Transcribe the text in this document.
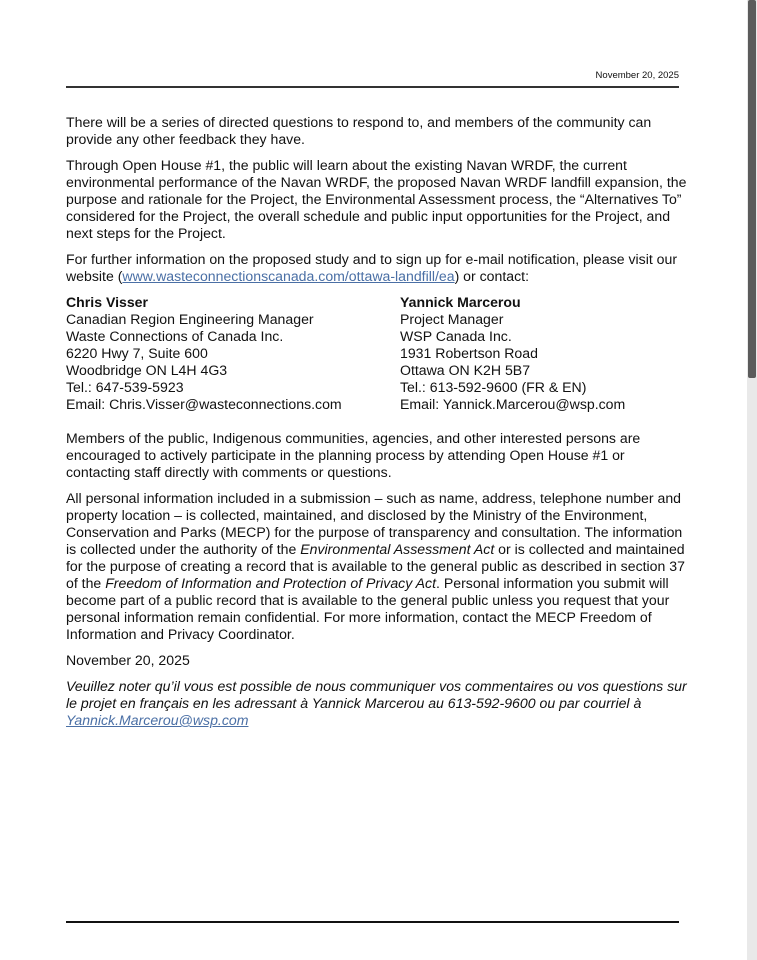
November 20, 2025

There will be a series of directed questions to respond to, and members of the community can provide any other feedback they have.

Through Open House #1, the public will learn about the existing Navan WRDF, the current environmental performance of the Navan WRDF, the proposed Navan WRDF landfill expansion, the purpose and rationale for the Project, the Environmental Assessment process, the “Alternatives To” considered for the Project, the overall schedule and public input opportunities for the Project, and next steps for the Project.

For further information on the proposed study and to sign up for e-mail notification, please visit our website (www.wasteconnectionscanada.com/ottawa-landfill/ea) or contact:

Chris Visser
Canadian Region Engineering Manager
Waste Connections of Canada Inc.
6220 Hwy 7, Suite 600
Woodbridge ON L4H 4G3
Tel.: 647-539-5923
Email: Chris.Visser@wasteconnections.com
Yannick Marcerou
Project Manager
WSP Canada Inc.
1931 Robertson Road
Ottawa ON K2H 5B7
Tel.: 613-592-9600 (FR & EN)
Email: Yannick.Marcerou@wsp.com

Members of the public, Indigenous communities, agencies, and other interested persons are encouraged to actively participate in the planning process by attending Open House #1 or contacting staff directly with comments or questions.

All personal information included in a submission – such as name, address, telephone number and property location – is collected, maintained, and disclosed by the Ministry of the Environment, Conservation and Parks (MECP) for the purpose of transparency and consultation. The information is collected under the authority of the Environmental Assessment Act or is collected and maintained for the purpose of creating a record that is available to the general public as described in section 37 of the Freedom of Information and Protection of Privacy Act. Personal information you submit will become part of a public record that is available to the general public unless you request that your personal information remain confidential. For more information, contact the MECP Freedom of Information and Privacy Coordinator.

November 20, 2025

Veuillez noter qu’il vous est possible de nous communiquer vos commentaires ou vos questions sur le projet en français en les adressant à Yannick Marcerou au 613-592-9600 ou par courriel à Yannick.Marcerou@wsp.com
